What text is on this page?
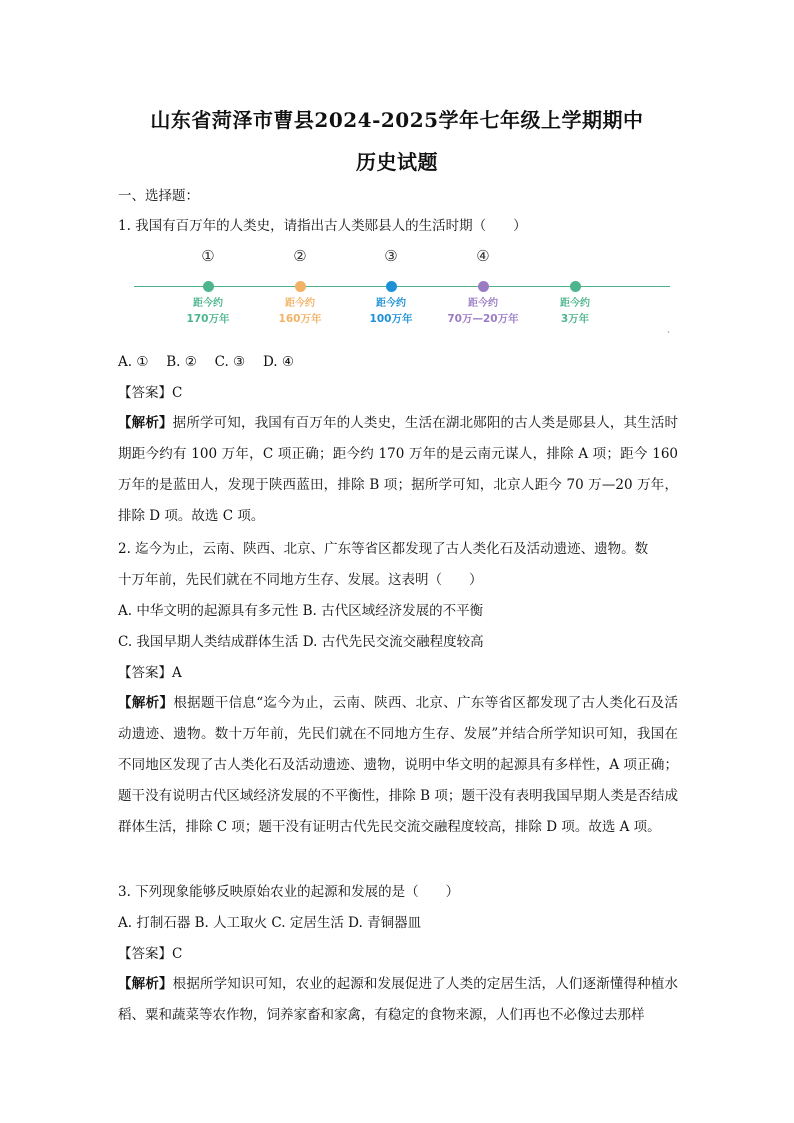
山东省菏泽市曹县2024-2025学年七年级上学期期中
历史试题
一、选择题：
1. 我国有百万年的人类史，请指出古人类郧县人的生活时期（　　）
①
距今约
170万年
②
距今约
160万年
③
距今约
100万年
④
距今约
70万—20万年
距今约
3万年
ˎ
A. ①　 B. ②　 C. ③　 D. ④
【答案】C
【解析】据所学可知，我国有百万年的人类史，生活在湖北郧阳的古人类是郧县人，其生活时期距今约有 100 万年，C 项正确；距今约 170 万年的是云南元谋人，排除 A 项；距今 160 万年的是蓝田人，发现于陕西蓝田，排除 B 项；据所学可知，北京人距今 70 万—20 万年，排除 D 项。故选 C 项。
2. 迄今为止，云南、陕西、北京、广东等省区都发现了古人类化石及活动遗迹、遗物。数
十万年前，先民们就在不同地方生存、发展。这表明（　　）
A. 中华文明的起源具有多元性 B. 古代区域经济发展的不平衡
C. 我国早期人类结成群体生活 D. 古代先民交流交融程度较高
【答案】A
【解析】根据题干信息“迄今为止，云南、陕西、北京、广东等省区都发现了古人类化石及活动遗迹、遗物。数十万年前，先民们就在不同地方生存、发展”并结合所学知识可知，我国在不同地区发现了古人类化石及活动遗迹、遗物，说明中华文明的起源具有多样性，A 项正确；题干没有说明古代区域经济发展的不平衡性，排除 B 项；题干没有表明我国早期人类是否结成群体生活，排除 C 项；题干没有证明古代先民交流交融程度较高，排除 D 项。故选 A 项。
3. 下列现象能够反映原始农业的起源和发展的是（　　）
A. 打制石器 B. 人工取火 C. 定居生活 D. 青铜器皿
【答案】C
【解析】根据所学知识可知，农业的起源和发展促进了人类的定居生活，人们逐渐懂得种植水稻、粟和蔬菜等农作物，饲养家畜和家禽，有稳定的食物来源，人们再也不必像过去那样
